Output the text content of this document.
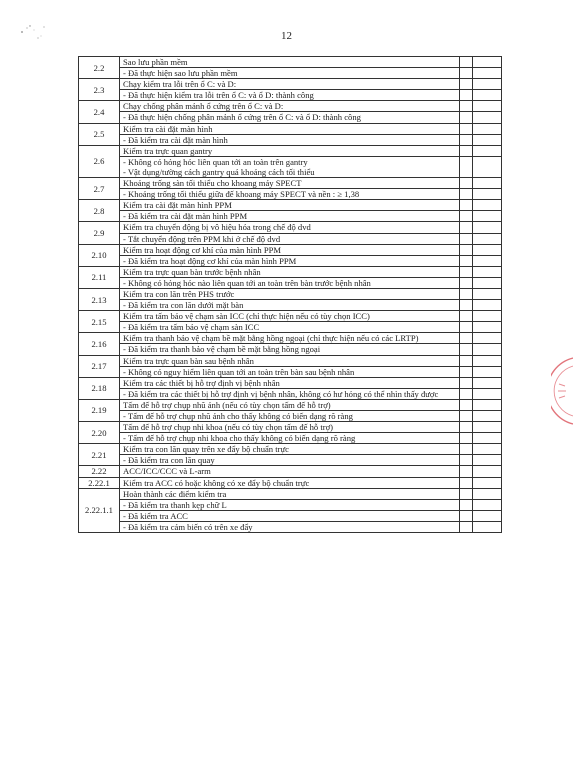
12
2.2	Sao lưu phần mềm		
	- Đã thực hiện sao lưu phần mềm		
2.3	Chạy kiểm tra lỗi trên ổ C: và D:		
	- Đã thực hiện kiểm tra lỗi trên ổ C: và ổ D: thành công		
2.4	Chạy chống phân mảnh ổ cứng trên ổ C: và D:		
	- Đã thực hiện chống phân mảnh ổ cứng trên ổ C: và ổ D: thành công		
2.5	Kiểm tra cài đặt màn hình		
	- Đã kiểm tra cài đặt màn hình		
2.6	Kiểm tra trực quan gantry		
	- Không có hỏng hóc liên quan tới an toàn trên gantry
- Vật dụng/tường cách gantry quá khoảng cách tối thiểu		
2.7	Khoảng trống sàn tối thiểu cho khoang máy SPECT		
	- Khoảng trống tối thiểu giữa đế khoang máy SPECT và nền : ≥ 1,38		
2.8	Kiểm tra cài đặt màn hình PPM		
	- Đã kiểm tra cài đặt màn hình PPM		
2.9	Kiểm tra chuyển động bị vô hiệu hóa trong chế độ dvd		
	- Tắt chuyển động trên PPM khi ở chế độ dvd		
2.10	Kiểm tra hoạt động cơ khí của màn hình PPM		
	- Đã kiểm tra hoạt động cơ khí của màn hình PPM		
2.11	Kiểm tra trực quan bàn trước bệnh nhân		
	- Không có hỏng hóc nào liên quan tới an toàn trên bàn trước bệnh nhân		
2.13	Kiểm tra con lăn trên PHS trước		
	- Đã kiểm tra con lăn dưới mặt bàn		
2.15	Kiểm tra tấm bảo vệ chạm sàn ICC (chỉ thực hiện nếu có tùy chọn ICC)		
	- Đã kiểm tra tấm bảo vệ chạm sàn ICC		
2.16	Kiểm tra thanh bảo vệ chạm bề mặt bằng hồng ngoại (chỉ thực hiện nếu có các LRTP)		
	- Đã kiểm tra thanh bảo vệ chạm bề mặt bằng hồng ngoại		
2.17	Kiểm tra trực quan bàn sau bệnh nhân		
	- Không có nguy hiểm liên quan tới an toàn trên bàn sau bệnh nhân		
2.18	Kiểm tra các thiết bị hỗ trợ định vị bệnh nhân		
	- Đã kiểm tra các thiết bị hỗ trợ định vị bệnh nhân, không có hư hỏng có thể nhìn thấy được		
2.19	Tấm đế hỗ trợ chụp nhũ ảnh (nếu có tùy chọn tấm đế hỗ trợ)		
	- Tấm đế hỗ trợ chụp nhũ ảnh cho thấy không có biến dạng rõ ràng		
2.20	Tấm đế hỗ trợ chụp nhi khoa (nếu có tùy chọn tấm đế hỗ trợ)		
	- Tấm đế hỗ trợ chụp nhi khoa cho thấy không có biến dạng rõ ràng		
2.21	Kiểm tra con lăn quay trên xe đẩy bộ chuẩn trực		
	- Đã kiểm tra con lăn quay		
2.22	ACC/ICC/CCC và L-arm		
2.22.1	Kiểm tra ACC có hoặc không có xe đẩy bộ chuẩn trực		
2.22.1.1	Hoàn thành các điểm kiểm tra		
	- Đã kiểm tra thanh kẹp chữ L		
	- Đã kiểm tra ACC		
	- Đã kiểm tra cảm biến có trên xe đẩy		
